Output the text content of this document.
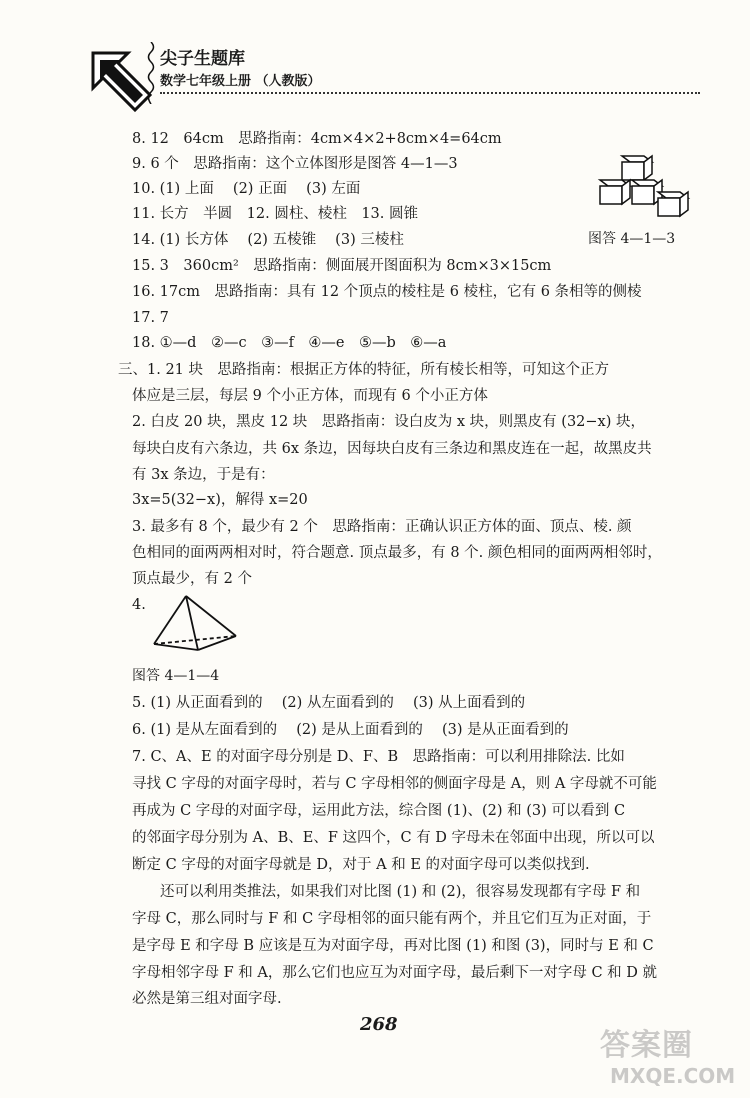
尖子生题库
数学七年级上册 （人教版）
8. 12　64cm　思路指南：4cm×4×2+8cm×4=64cm
9. 6 个　思路指南：这个立体图形是图答 4—1—3
10. (1) 上面　 (2) 正面　 (3) 左面
11. 长方　半圆　12. 圆柱、棱柱　13. 圆锥
14. (1) 长方体　 (2) 五棱锥　 (3) 三棱柱
15. 3　360cm²　思路指南：侧面展开图面积为 8cm×3×15cm
16. 17cm　思路指南：具有 12 个顶点的棱柱是 6 棱柱，它有 6 条相等的侧棱
17. 7
18. ①—d　②—c　③—f　④—e　⑤—b　⑥—a
三、1. 21 块　思路指南：根据正方体的特征，所有棱长相等，可知这个正方
体应是三层，每层 9 个小正方体，而现有 6 个小正方体
2. 白皮 20 块，黑皮 12 块　思路指南：设白皮为 x 块，则黑皮有 (32−x) 块，
每块白皮有六条边，共 6x 条边，因每块白皮有三条边和黑皮连在一起，故黑皮共
有 3x 条边，于是有：
3x=5(32−x)，解得 x=20
3. 最多有 8 个，最少有 2 个　思路指南：正确认识正方体的面、顶点、棱. 颜
色相同的面两两相对时，符合题意. 顶点最多，有 8 个. 颜色相同的面两两相邻时，
顶点最少，有 2 个
4.
5. (1) 从正面看到的　 (2) 从左面看到的　 (3) 从上面看到的
6. (1) 是从左面看到的　 (2) 是从上面看到的　 (3) 是从正面看到的
7. C、A、E 的对面字母分别是 D、F、B　思路指南：可以利用排除法. 比如
寻找 C 字母的对面字母时，若与 C 字母相邻的侧面字母是 A，则 A 字母就不可能
再成为 C 字母的对面字母，运用此方法，综合图 (1)、(2) 和 (3) 可以看到 C
的邻面字母分别为 A、B、E、F 这四个，C 有 D 字母未在邻面中出现，所以可以
断定 C 字母的对面字母就是 D，对于 A 和 E 的对面字母可以类似找到.
还可以利用类推法，如果我们对比图 (1) 和 (2)，很容易发现都有字母 F 和
字母 C，那么同时与 F 和 C 字母相邻的面只能有两个，并且它们互为正对面，于
是字母 E 和字母 B 应该是互为对面字母，再对比图 (1) 和图 (3)，同时与 E 和 C
字母相邻字母 F 和 A，那么它们也应互为对面字母，最后剩下一对字母 C 和 D 就
必然是第三组对面字母.
图答 4—1—3
图答 4—1—4
268
答案圈
MXQE.COM
